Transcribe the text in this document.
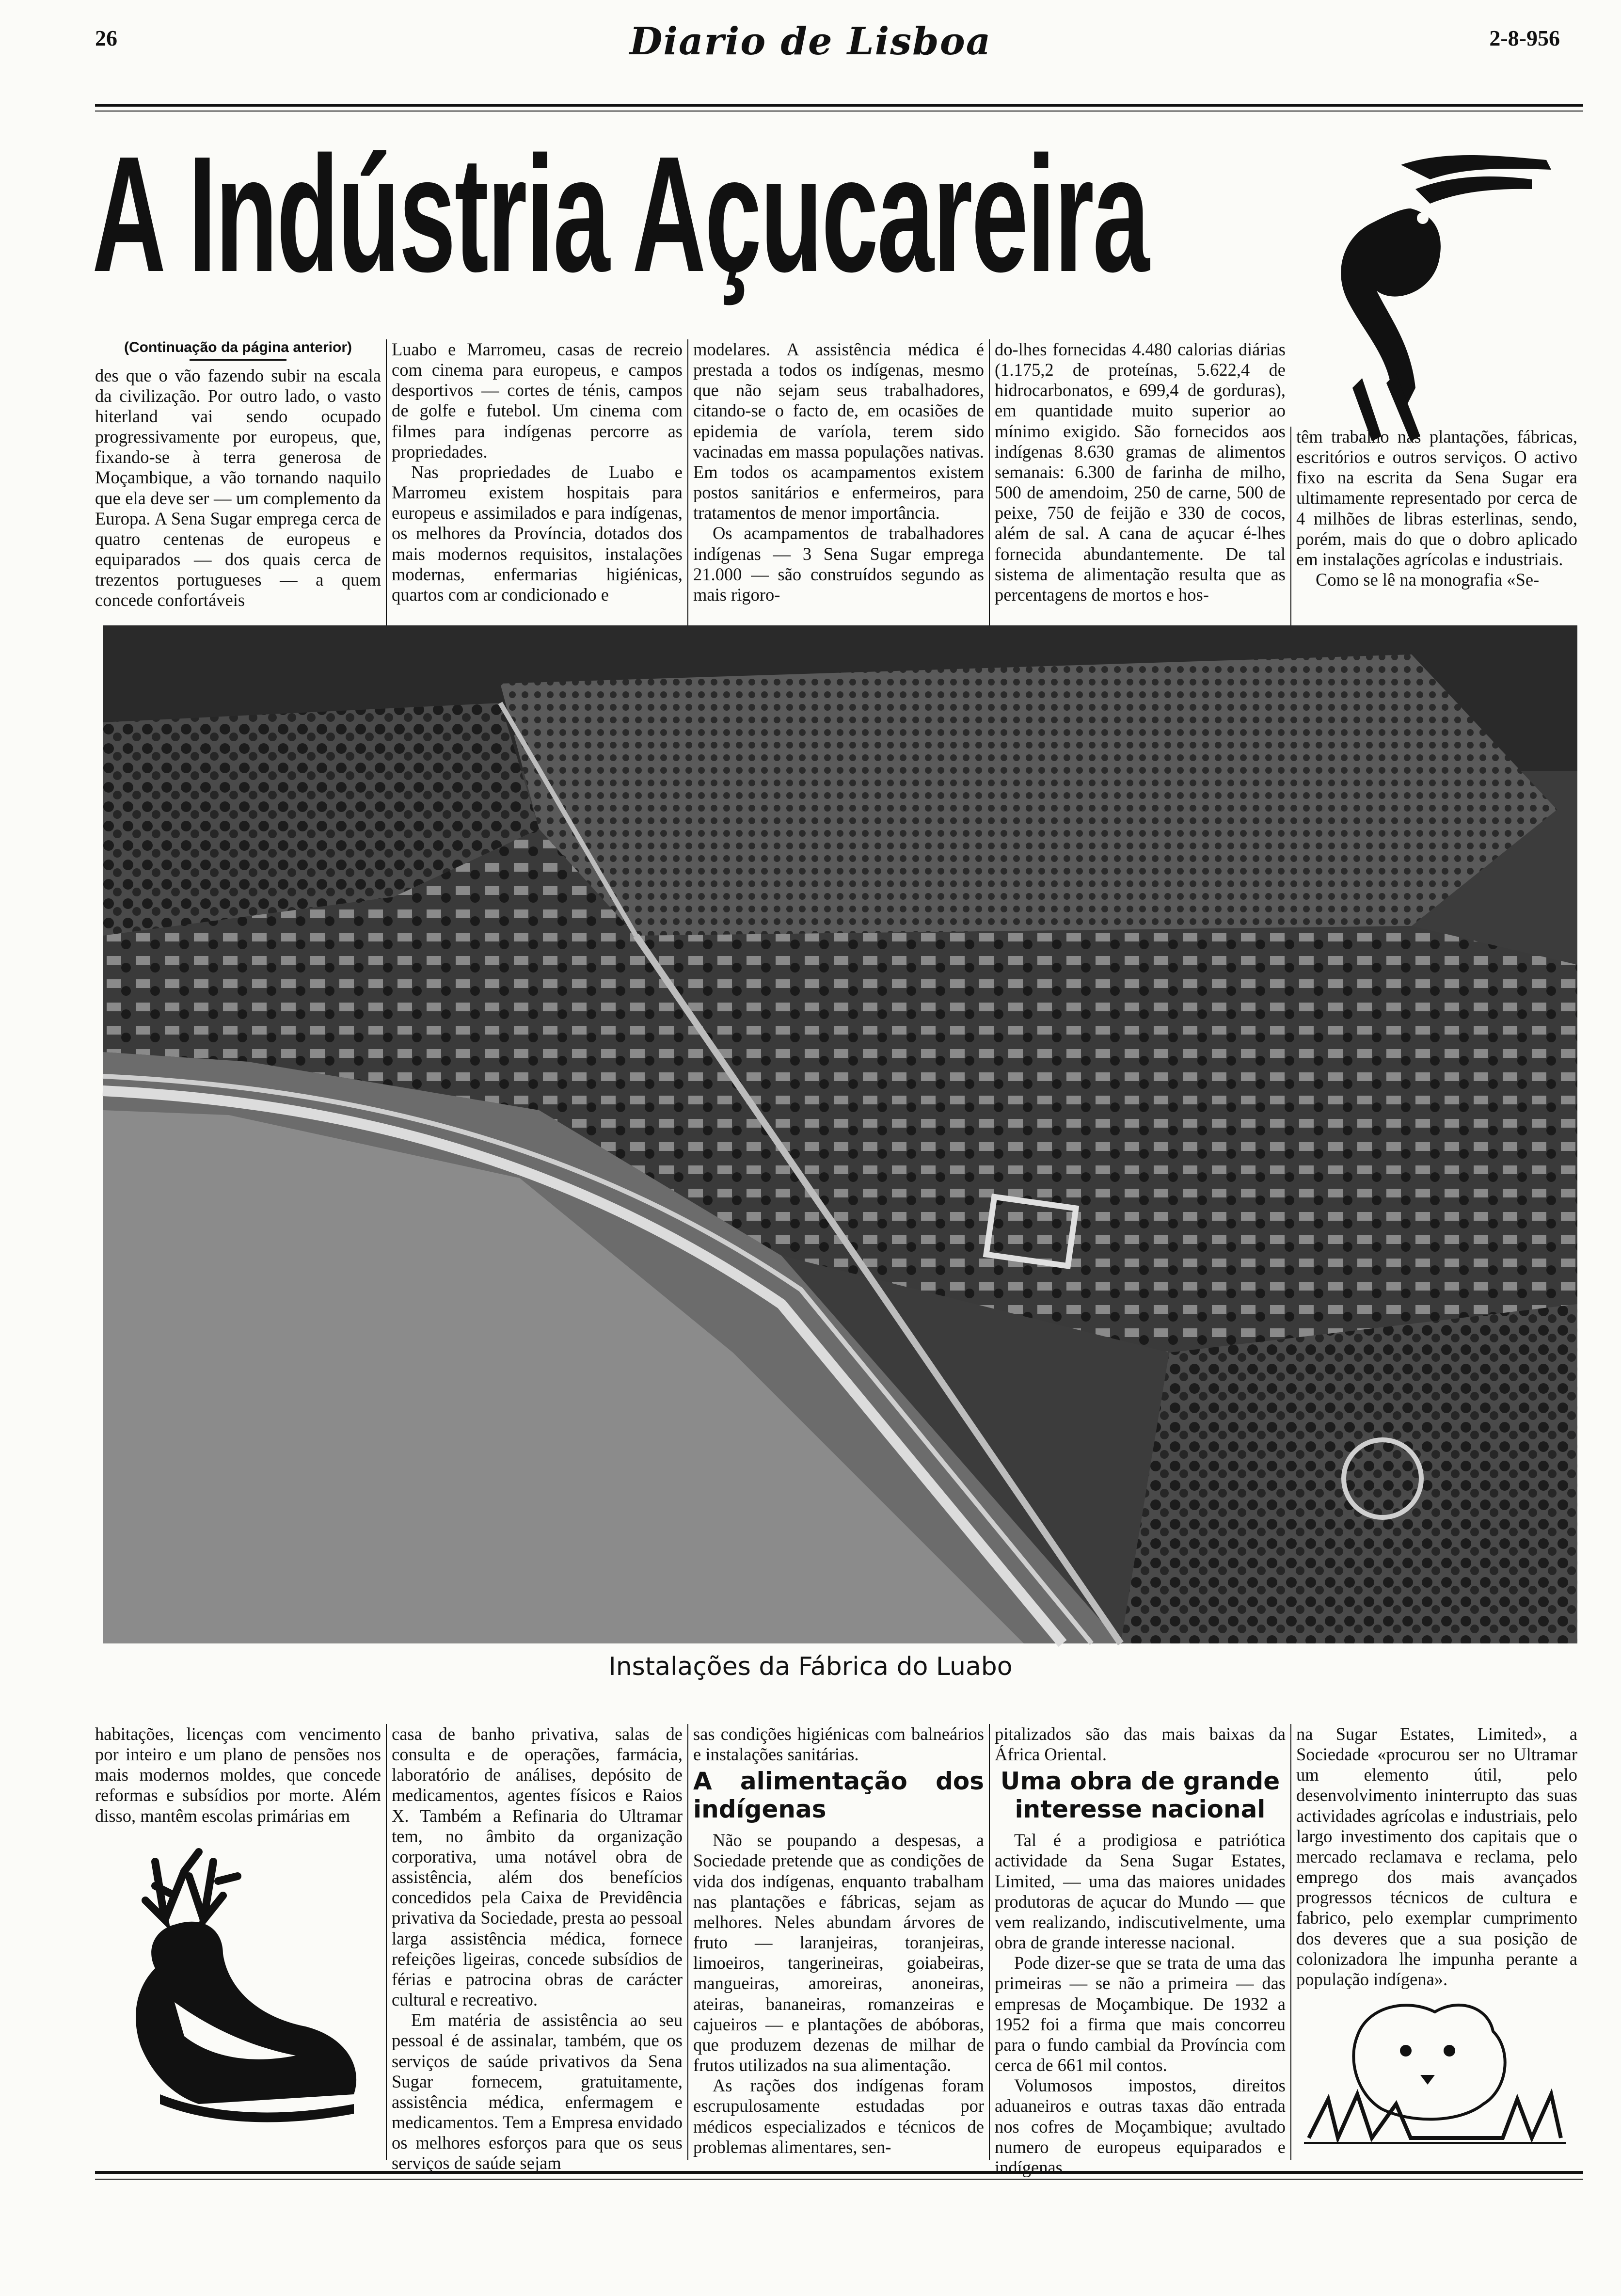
26	Diario de Lisboa	2-8-956
A Indústria Açucareira
(Continuação da página anterior)

des que o vão fazendo subir na escala da civilização. Por outro lado, o vasto hiterland vai sendo ocupado progressivamente por europeus, que, fixando-se à terra generosa de Moçambique, a vão tornando naquilo que ela deve ser — um complemento da Europa. A Sena Sugar emprega cerca de quatro centenas de europeus e equiparados — dos quais cerca de trezentos portugueses — a quem concede confortáveis

Luabo e Marromeu, casas de recreio com cinema para europeus, e campos desportivos — cortes de ténis, campos de golfe e futebol. Um cinema com filmes para indígenas percorre as propriedades.

Nas propriedades de Luabo e Marromeu existem hospitais para europeus e assimilados e para indígenas, os melhores da Província, dotados dos mais modernos requisitos, instalações modernas, enfermarias higiénicas, quartos com ar condicionado e

modelares. A assistência médica é prestada a todos os indígenas, mesmo que não sejam seus trabalhadores, citando-se o facto de, em ocasiões de epidemia de varíola, terem sido vacinadas em massa populações nativas. Em todos os acampamentos existem postos sanitários e enfermeiros, para tratamentos de menor importância.

Os acampamentos de trabalhadores indígenas — 3 Sena Sugar emprega 21.000 — são construídos segundo as mais rigoro-

do-lhes fornecidas 4.480 calorias diárias (1.175,2 de proteínas, 5.622,4 de hidrocarbonatos, e 699,4 de gorduras), em quantidade muito superior ao mínimo exigido. São fornecidos aos indígenas 8.630 gramas de alimentos semanais: 6.300 de farinha de milho, 500 de amendoim, 250 de carne, 500 de peixe, 750 de feijão e 330 de cocos, além de sal. A cana de açucar é-lhes fornecida abundantemente. De tal sistema de alimentação resulta que as percentagens de mortos e hos-

têm trabalho nas plantações, fábricas, escritórios e outros serviços. O activo fixo na escrita da Sena Sugar era ultimamente representado por cerca de 4 milhões de libras esterlinas, sendo, porém, mais do que o dobro aplicado em instalações agrícolas e industriais.

Como se lê na monografia «Se-

Instalações da Fábrica do Luabo

habitações, licenças com vencimento por inteiro e um plano de pensões nos mais modernos moldes, que concede reformas e subsídios por morte. Além disso, mantêm escolas primárias em

casa de banho privativa, salas de consulta e de operações, farmácia, laboratório de análises, depósito de medicamentos, agentes físicos e Raios X. Também a Refinaria do Ultramar tem, no âmbito da organização corporativa, uma notável obra de assistência, além dos benefícios concedidos pela Caixa de Previdência privativa da Sociedade, presta ao pessoal larga assistência médica, fornece refeições ligeiras, concede subsídios de férias e patrocina obras de carácter cultural e recreativo.

Em matéria de assistência ao seu pessoal é de assinalar, também, que os serviços de saúde privativos da Sena Sugar fornecem, gratuitamente, assistência médica, enfermagem e medicamentos. Tem a Empresa envidado os melhores esforços para que os seus serviços de saúde sejam

sas condições higiénicas com balneários e instalações sanitárias.

A alimentação dos indígenas

Não se poupando a despesas, a Sociedade pretende que as condições de vida dos indígenas, enquanto trabalham nas plantações e fábricas, sejam as melhores. Neles abundam árvores de fruto — laranjeiras, toranjeiras, limoeiros, tangerineiras, goiabeiras, mangueiras, amoreiras, anoneiras, ateiras, bananeiras, romanzeiras e cajueiros — e plantações de abóboras, que produzem dezenas de milhar de frutos utilizados na sua alimentação.

As rações dos indígenas foram escrupulosamente estudadas por médicos especializados e técnicos de problemas alimentares, sen-

pitalizados são das mais baixas da África Oriental.

Uma obra de grande interesse nacional

Tal é a prodigiosa e patriótica actividade da Sena Sugar Estates, Limited, — uma das maiores unidades produtoras de açucar do Mundo — que vem realizando, indiscutivelmente, uma obra de grande interesse nacional.

Pode dizer-se que se trata de uma das primeiras — se não a primeira — das empresas de Moçambique. De 1932 a 1952 foi a firma que mais concorreu para o fundo cambial da Província com cerca de 661 mil contos.

Volumosos impostos, direitos aduaneiros e outras taxas dão entrada nos cofres de Moçambique; avultado numero de europeus equiparados e indígenas

na Sugar Estates, Limited», a Sociedade «procurou ser no Ultramar um elemento útil, pelo desenvolvimento ininterrupto das suas actividades agrícolas e industriais, pelo largo investimento dos capitais que o mercado reclamava e reclama, pelo emprego dos mais avançados progressos técnicos de cultura e fabrico, pelo exemplar cumprimento dos deveres que a sua posição de colonizadora lhe impunha perante a população indígena».
